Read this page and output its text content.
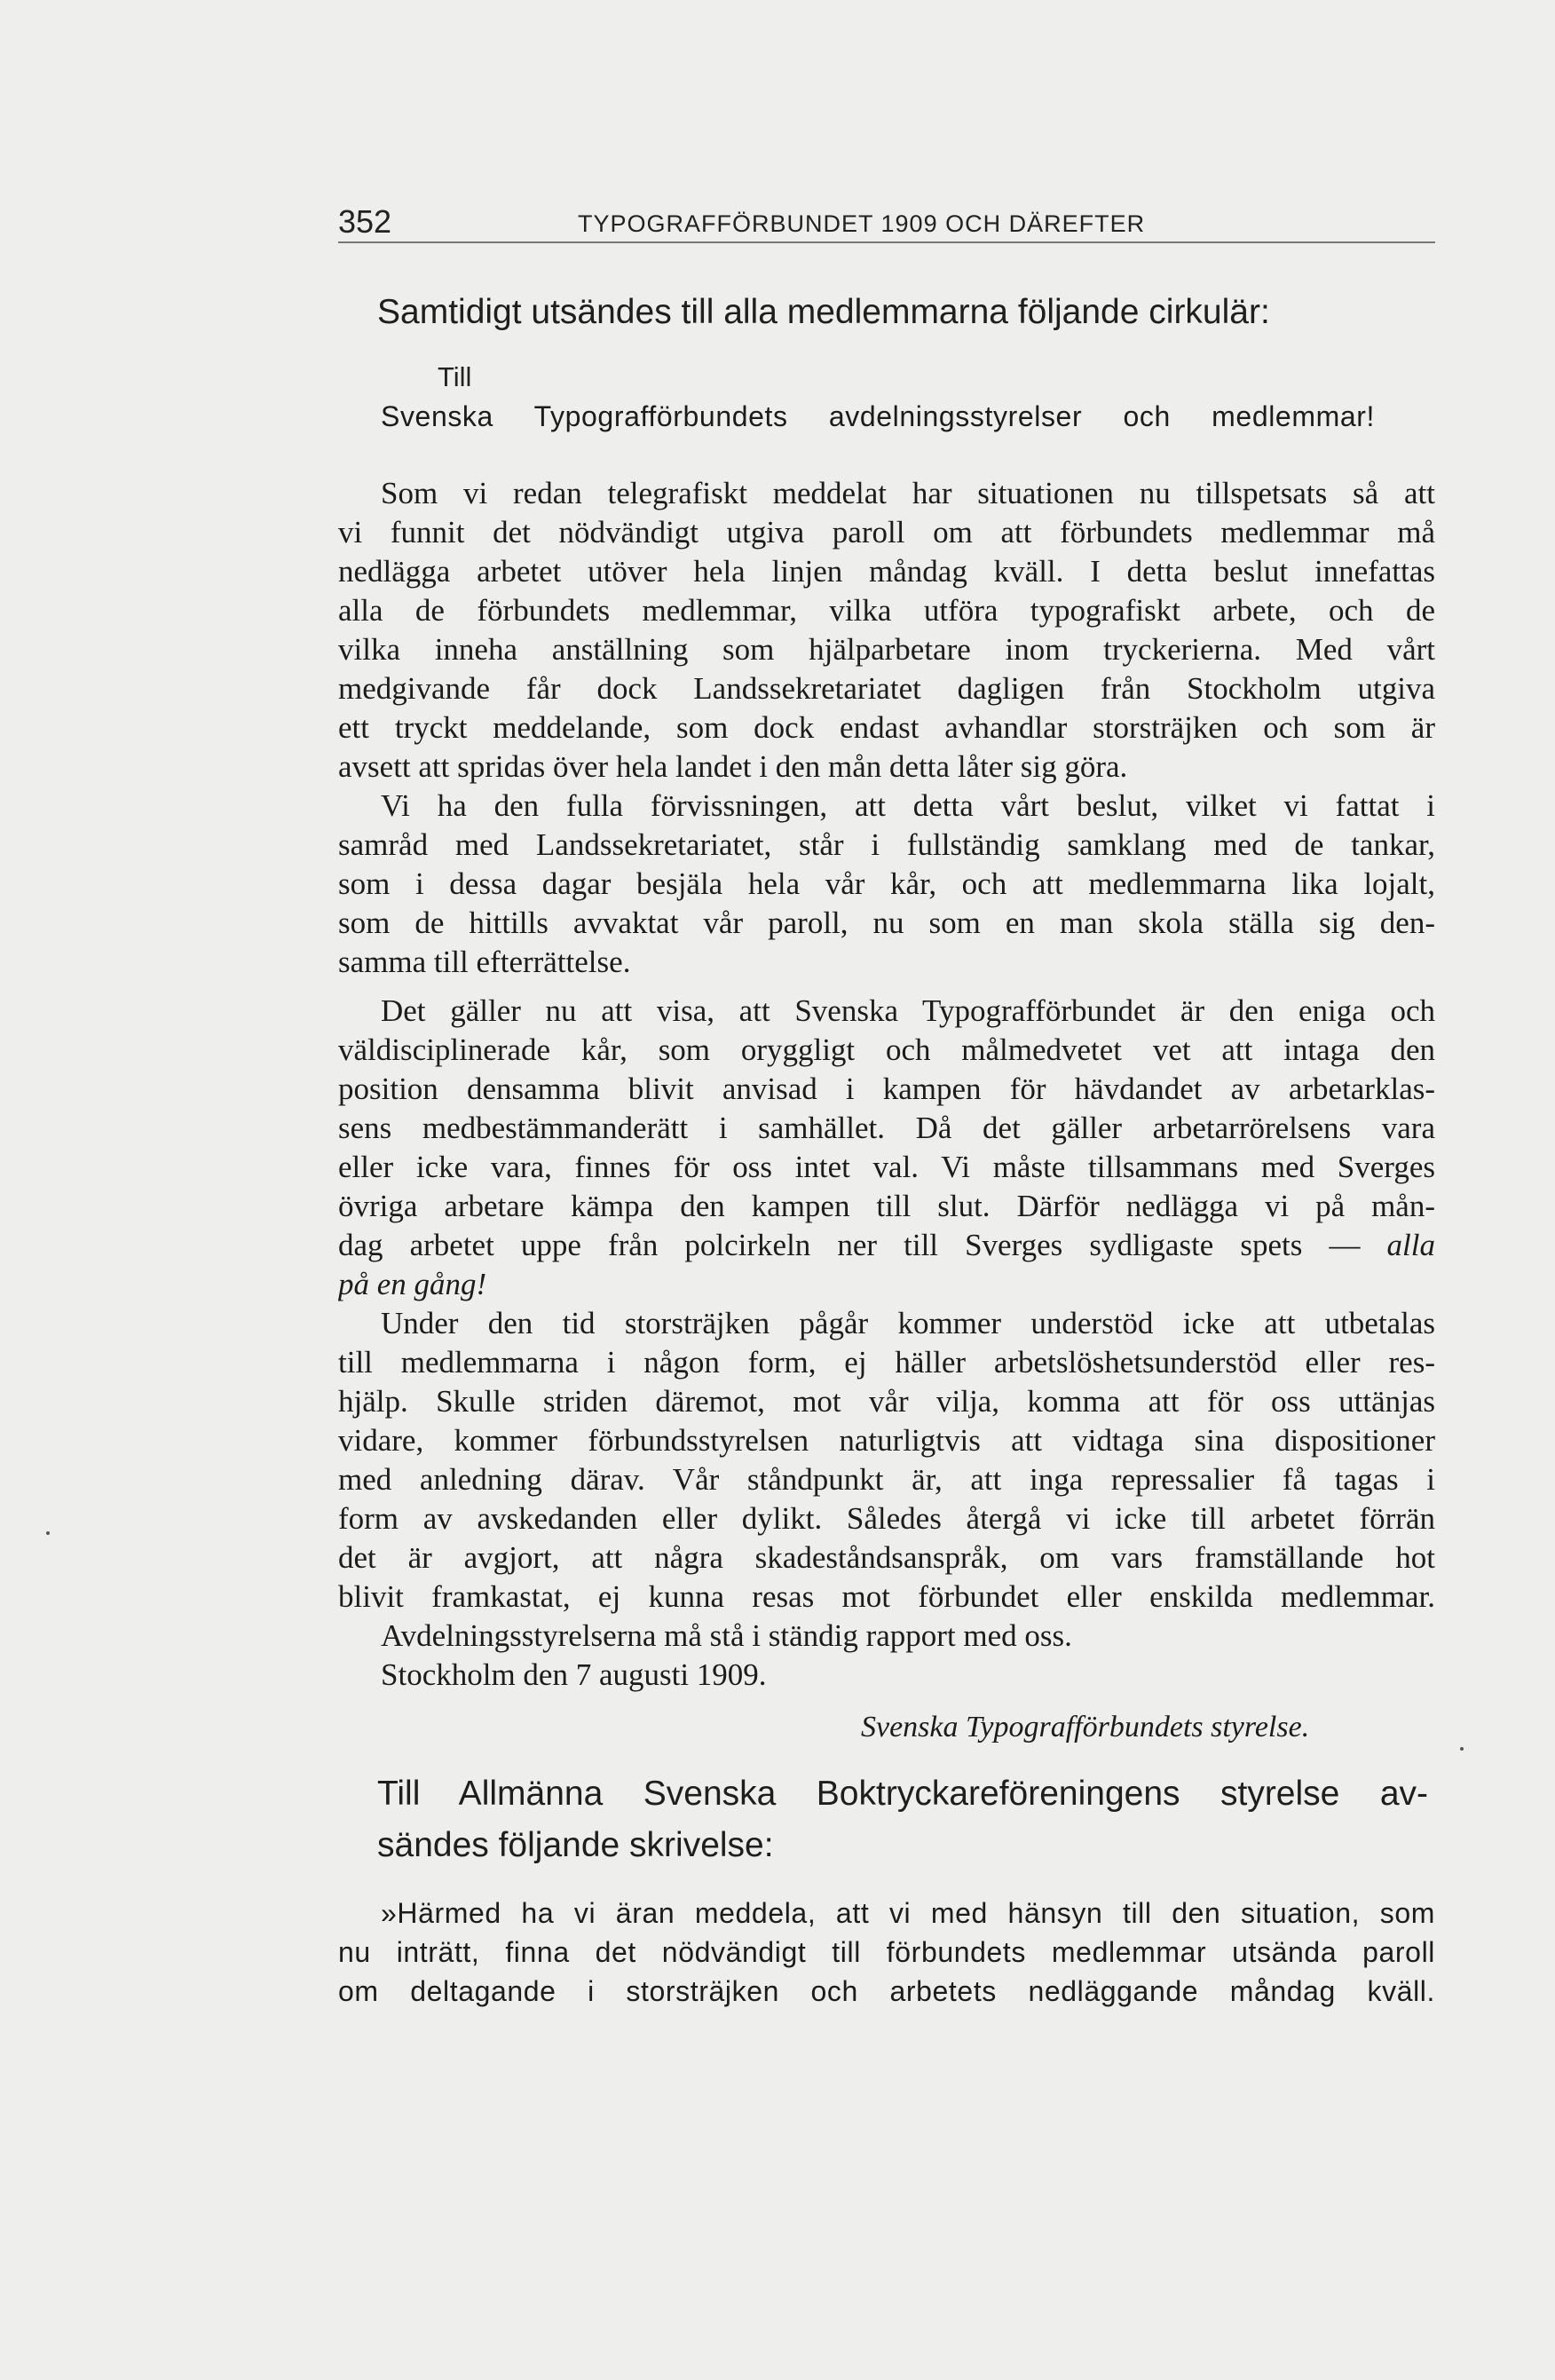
352	TYPOGRAFFÖRBUNDET 1909 OCH DÄREFTER
Samtidigt utsändes till alla medlemmarna följande cirkulär:
Till
Svenska Typografförbundets avdelningsstyrelser och medlemmar!
Som vi redan telegrafiskt meddelat har situationen nu tillspetsats så att
vi funnit det nödvändigt utgiva paroll om att förbundets medlemmar må
nedlägga arbetet utöver hela linjen måndag kväll. I detta beslut innefattas
alla de förbundets medlemmar, vilka utföra typografiskt arbete, och de
vilka inneha anställning som hjälparbetare inom tryckerierna. Med vårt
medgivande får dock Landssekretariatet dagligen från Stockholm utgiva
ett tryckt meddelande, som dock endast avhandlar storsträjken och som är
avsett att spridas över hela landet i den mån detta låter sig göra.
Vi ha den fulla förvissningen, att detta vårt beslut, vilket vi fattat i
samråd med Landssekretariatet, står i fullständig samklang med de tankar,
som i dessa dagar besjäla hela vår kår, och att medlemmarna lika lojalt,
som de hittills avvaktat vår paroll, nu som en man skola ställa sig den-
samma till efterrättelse.
Det gäller nu att visa, att Svenska Typografförbundet är den eniga och
väldisciplinerade kår, som oryggligt och målmedvetet vet att intaga den
position densamma blivit anvisad i kampen för hävdandet av arbetarklas-
sens medbestämmanderätt i samhället. Då det gäller arbetarrörelsens vara
eller icke vara, finnes för oss intet val. Vi måste tillsammans med Sverges
övriga arbetare kämpa den kampen till slut. Därför nedlägga vi på mån-
dag arbetet uppe från polcirkeln ner till Sverges sydligaste spets — alla
på en gång!
Under den tid storsträjken pågår kommer understöd icke att utbetalas
till medlemmarna i någon form, ej häller arbetslöshetsunderstöd eller res-
hjälp. Skulle striden däremot, mot vår vilja, komma att för oss uttänjas
vidare, kommer förbundsstyrelsen naturligtvis att vidtaga sina dispositioner
med anledning därav. Vår ståndpunkt är, att inga repressalier få tagas i
form av avskedanden eller dylikt. Således återgå vi icke till arbetet förrän
det är avgjort, att några skadeståndsanspråk, om vars framställande hot
blivit framkastat, ej kunna resas mot förbundet eller enskilda medlemmar.
Avdelningsstyrelserna må stå i ständig rapport med oss.
Stockholm den 7 augusti 1909.
Svenska Typografförbundets styrelse.
Till Allmänna Svenska Boktryckareföreningens styrelse av-
sändes följande skrivelse:
»Härmed ha vi äran meddela, att vi med hänsyn till den situation, som
nu inträtt, finna det nödvändigt till förbundets medlemmar utsända paroll
om deltagande i storsträjken och arbetets nedläggande måndag kväll.
